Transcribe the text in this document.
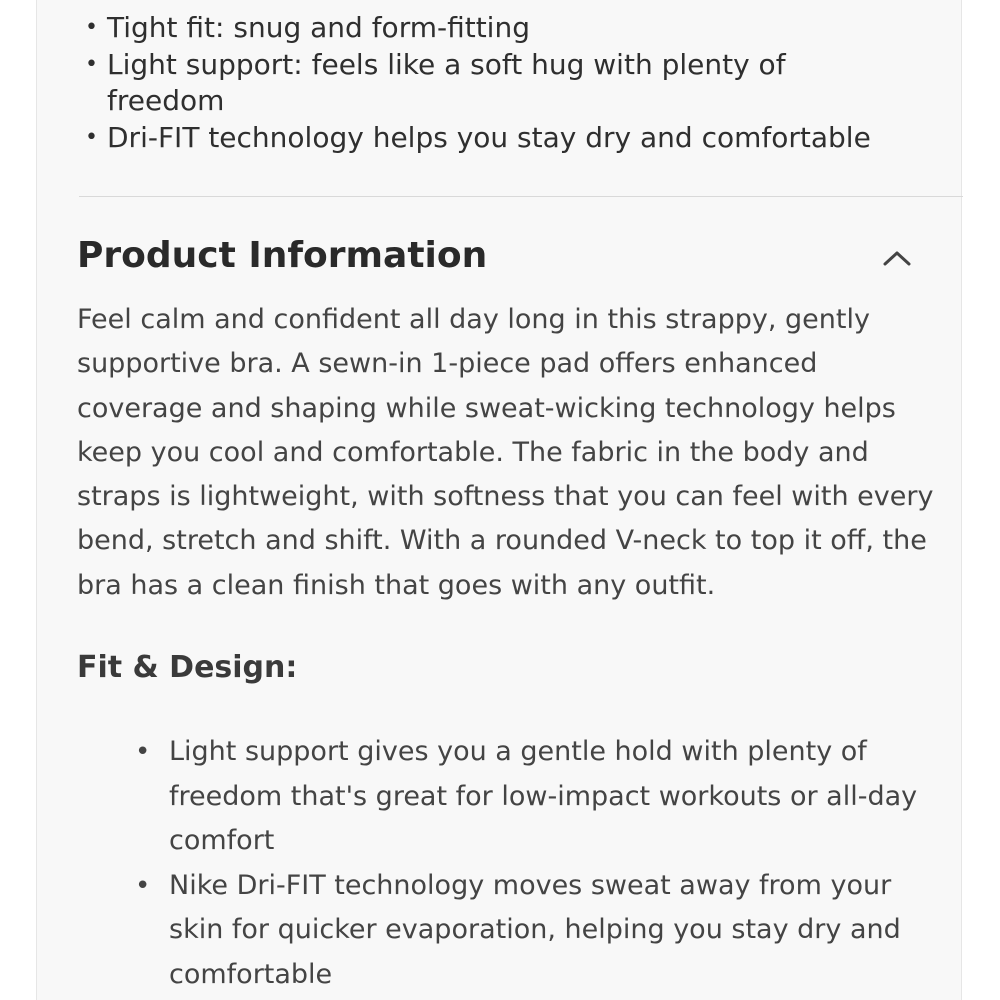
• Tight fit: snug and form-fitting
• Light support: feels like a soft hug with plenty of freedom
• Dri-FIT technology helps you stay dry and comfortable
Product Information

Feel calm and confident all day long in this strappy, gently supportive bra. A sewn-in 1-piece pad offers enhanced coverage and shaping while sweat-wicking technology helps keep you cool and comfortable. The fabric in the body and straps is lightweight, with softness that you can feel with every bend, stretch and shift. With a rounded V-neck to top it off, the bra has a clean finish that goes with any outfit.

Fit & Design:
• Light support gives you a gentle hold with plenty of freedom that's great for low-impact workouts or all-day comfort
• Nike Dri-FIT technology moves sweat away from your skin for quicker evaporation, helping you stay dry and comfortable
